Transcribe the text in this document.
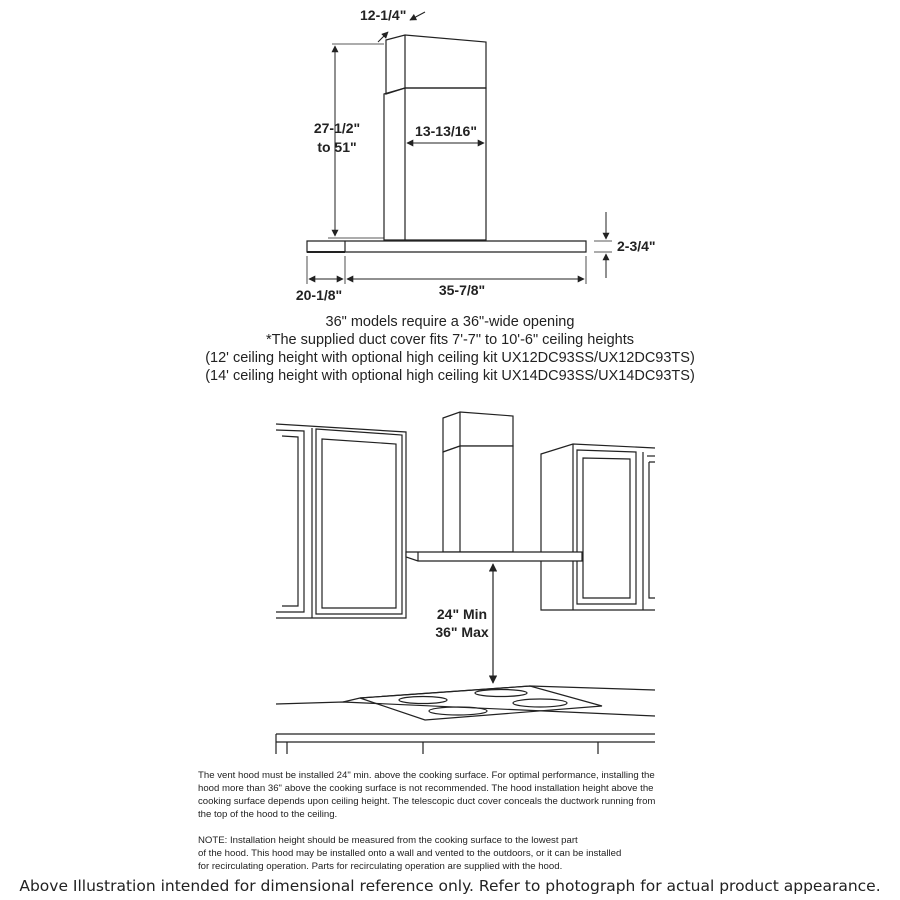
12-1/4"
27-1/2"
to 51"
13-13/16"
2-3/4"
20-1/8"	35-7/8"
24" Min
36" Max
36" models require a 36"-wide opening
*The supplied duct cover fits 7'-7" to 10'-6" ceiling heights
(12' ceiling height with optional high ceiling kit UX12DC93SS/UX12DC93TS)
(14' ceiling height with optional high ceiling kit UX14DC93SS/UX14DC93TS)
The vent hood must be installed 24" min. above the cooking surface. For optimal performance, installing the
hood more than 36" above the cooking surface is not recommended. The hood installation height above the
cooking surface depends upon ceiling height. The telescopic duct cover conceals the ductwork running from
the top of the hood to the ceiling.
NOTE: Installation height should be measured from the cooking surface to the lowest part
of the hood. This hood may be installed onto a wall and vented to the outdoors, or it can be installed
for recirculating operation. Parts for recirculating operation are supplied with the hood.
Above Illustration intended for dimensional reference only. Refer to photograph for actual product appearance.
